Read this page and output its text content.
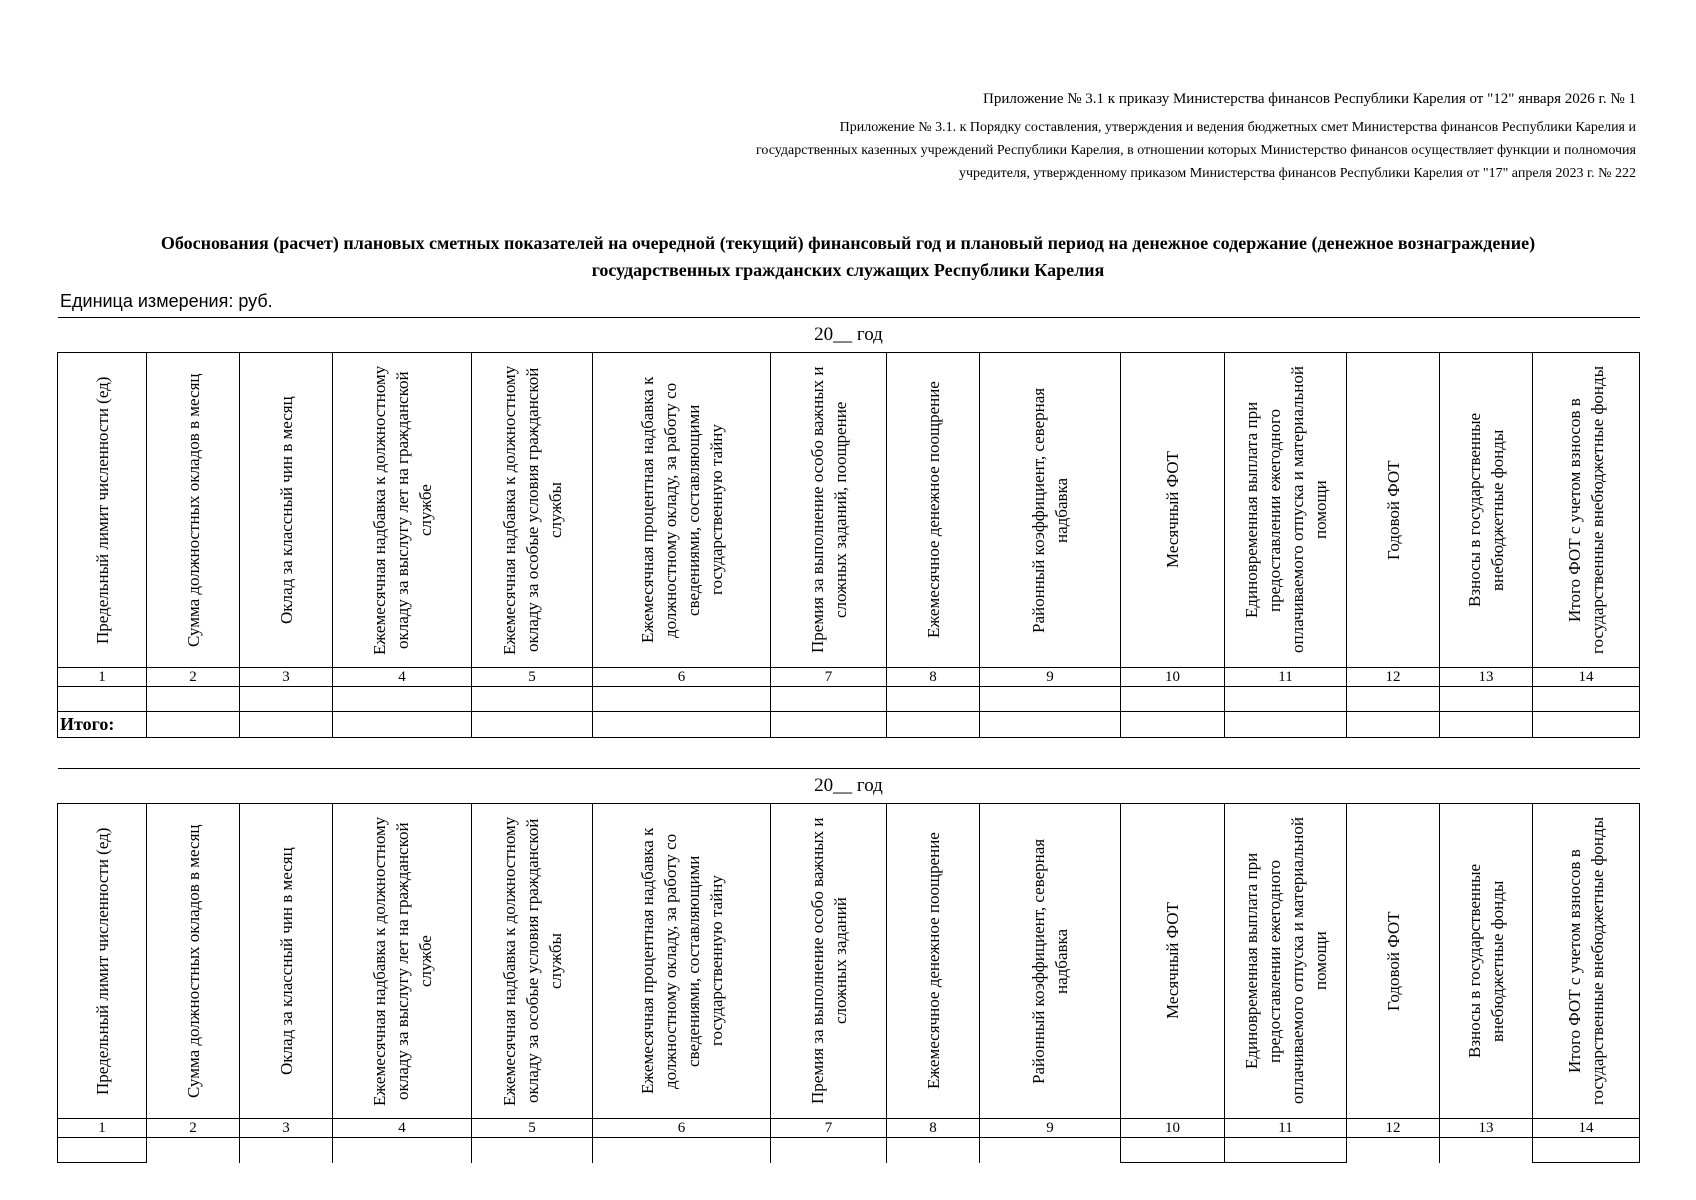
Приложение № 3.1 к приказу Министерства финансов Республики Карелия от "12" января 2026 г. № 1
Приложение № 3.1. к Порядку составления, утверждения и ведения бюджетных смет Министерства финансов Республики Карелия и государственных казенных учреждений Республики Карелия, в отношении которых Министерство финансов осуществляет функции и полномочия учредителя, утвержденному приказом Министерства финансов Республики Карелия от "17" апреля 2023 г. № 222
Обоснования (расчет) плановых сметных показателей на очередной (текущий) финансовый год и плановый период на денежное содержание (денежное вознаграждение) государственных гражданских служащих Республики Карелия
Единица измерения: руб.
20__ год													

Предельный лимит численности (ед)	Сумма должностных окладов в месяц	Оклад за классный чин в месяц	Ежемесячная надбавка к должностному окладу за выслугу лет на гражданской службе	Ежемесячная надбавка к должностному окладу за особые условия гражданской службы	Ежемесячная процентная надбавка к должностному окладу, за работу со сведениями, составляющими государственную тайну	Премия за выполнение особо важных и сложных заданий, поощрение	Ежемесячное денежное поощрение	Районный коэффициент, северная надбавка	Месячный ФОТ	Единовременная выплата при предоставлении ежегодного оплачиваемого отпуска и материальной помощи	Годовой ФОТ	Взносы в государственные внебюджетные фонды	Итого ФОТ с учетом взносов в государственные внебюджетные фонды

1	2	3	4	5	6	7	8	9	10	11	12	13	14

Итого:													
20__ год													

Предельный лимит численности (ед)	Сумма должностных окладов в месяц	Оклад за классный чин в месяц	Ежемесячная надбавка к должностному окладу за выслугу лет на гражданской службе	Ежемесячная надбавка к должностному окладу за особые условия гражданской службы	Ежемесячная процентная надбавка к должностному окладу, за работу со сведениями, составляющими государственную тайну	Премия за выполнение особо важных и сложных заданий	Ежемесячное денежное поощрение	Районный коэффициент, северная надбавка	Месячный ФОТ	Единовременная выплата при предоставлении ежегодного оплачиваемого отпуска и материальной помощи	Годовой ФОТ	Взносы в государственные внебюджетные фонды	Итого ФОТ с учетом взносов в государственные внебюджетные фонды

1	2	3	4	5	6	7	8	9	10	11	12	13	14
